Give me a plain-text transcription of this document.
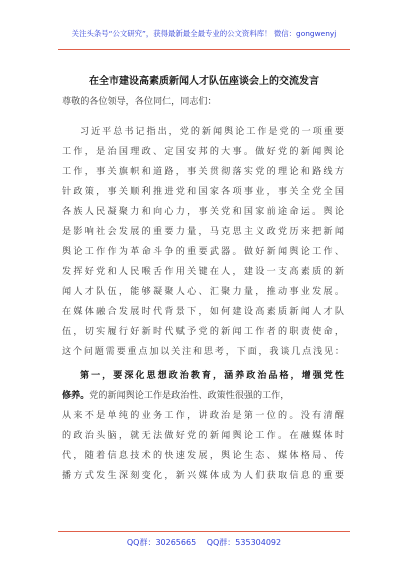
关注头条号“公文研究”，获得最新最全最专业的公文资料库！ 微信：gongwenyj
在全市建设高素质新闻人才队伍座谈会上的交流发言
尊敬的各位领导，各位同仁，同志们：
习近平总书记指出，党的新闻舆论工作是党的一项重要
工作，是治国理政、定国安邦的大事。做好党的新闻舆论
工作，事关旗帜和道路，事关贯彻落实党的理论和路线方
针政策，事关顺利推进党和国家各项事业，事关全党全国
各族人民凝聚力和向心力，事关党和国家前途命运。舆论
是影响社会发展的重要力量，马克思主义政党历来把新闻
舆论工作作为革命斗争的重要武器。做好新闻舆论工作、
发挥好党和人民喉舌作用关键在人，建设一支高素质的新
闻人才队伍，能够凝聚人心、汇聚力量，推动事业发展。
在媒体融合发展时代背景下，如何建设高素质新闻人才队
伍，切实履行好新时代赋予党的新闻工作者的职责使命，
这个问题需要重点加以关注和思考，下面，我谈几点浅见：
第一，要深化思想政治教育，涵养政治品格，增强党性
修养。党的新闻舆论工作是政治性、政策性很强的工作，
从来不是单纯的业务工作，讲政治是第一位的。没有清醒
的政治头脑，就无法做好党的新闻舆论工作。在融媒体时
代，随着信息技术的快速发展，舆论生态、媒体格局、传
播方式发生深刻变化，新兴媒体成为人们获取信息的重要
QQ群：30265665 QQ群：535304092
